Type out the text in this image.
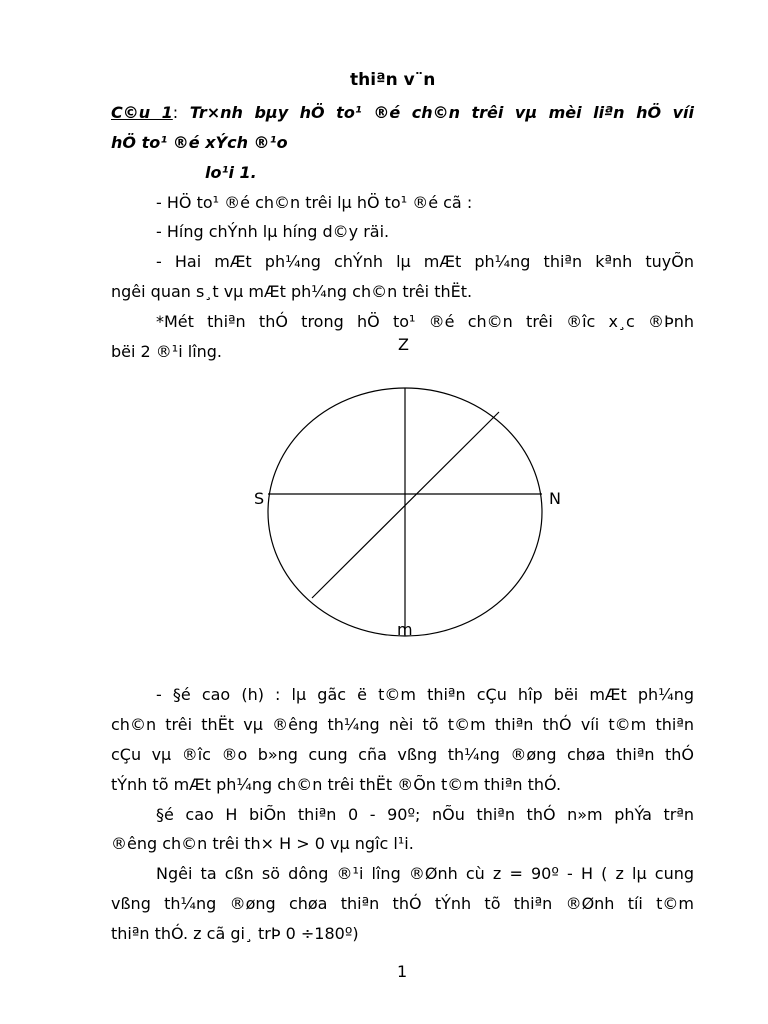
thiªn v¨n
C©u 1: Tr×nh bµy hÖ to¹ ®é ch©n trêi vµ mèi liªn hÖ víi
hÖ to¹ ®é xÝch ®¹o
lo¹i 1.
- HÖ to¹ ®é ch©n trêi lµ hÖ to¹ ®é cã :
- Híng chÝnh lµ híng d©y räi.
- Hai mÆt ph¼ng chÝnh lµ mÆt ph¼ng thiªn kªnh tuyÕn
ngêi quan s¸t vµ mÆt ph¼ng ch©n trêi thËt.
*Mét thiªn thÓ trong hÖ to¹ ®é ch©n trêi ®îc x¸c ®Þnh
bëi 2 ®¹i lîng.	Z
S	N
m
- §é cao (h) : lµ gãc ë t©m thiªn cÇu hîp bëi mÆt ph¼ng
ch©n trêi thËt vµ ®êng th¼ng nèi tõ t©m thiªn thÓ víi t©m thiªn
cÇu vµ ®îc ®o b»ng cung cña vßng th¼ng ®øng chøa thiªn thÓ
tÝnh tõ mÆt ph¼ng ch©n trêi thËt ®Õn t©m thiªn thÓ.
§é cao H biÕn thiªn 0 - 90º; nÕu thiªn thÓ n»m phÝa trªn
®êng ch©n trêi th× H > 0 vµ ngîc l¹i.
Ngêi ta cßn sö dông ®¹i lîng ®Ønh cù z = 90º - H ( z lµ cung
vßng th¼ng ®øng chøa thiªn thÓ tÝnh tõ thiªn ®Ønh tíi t©m
thiªn thÓ. z cã gi¸ trÞ 0 ÷180º)
1
